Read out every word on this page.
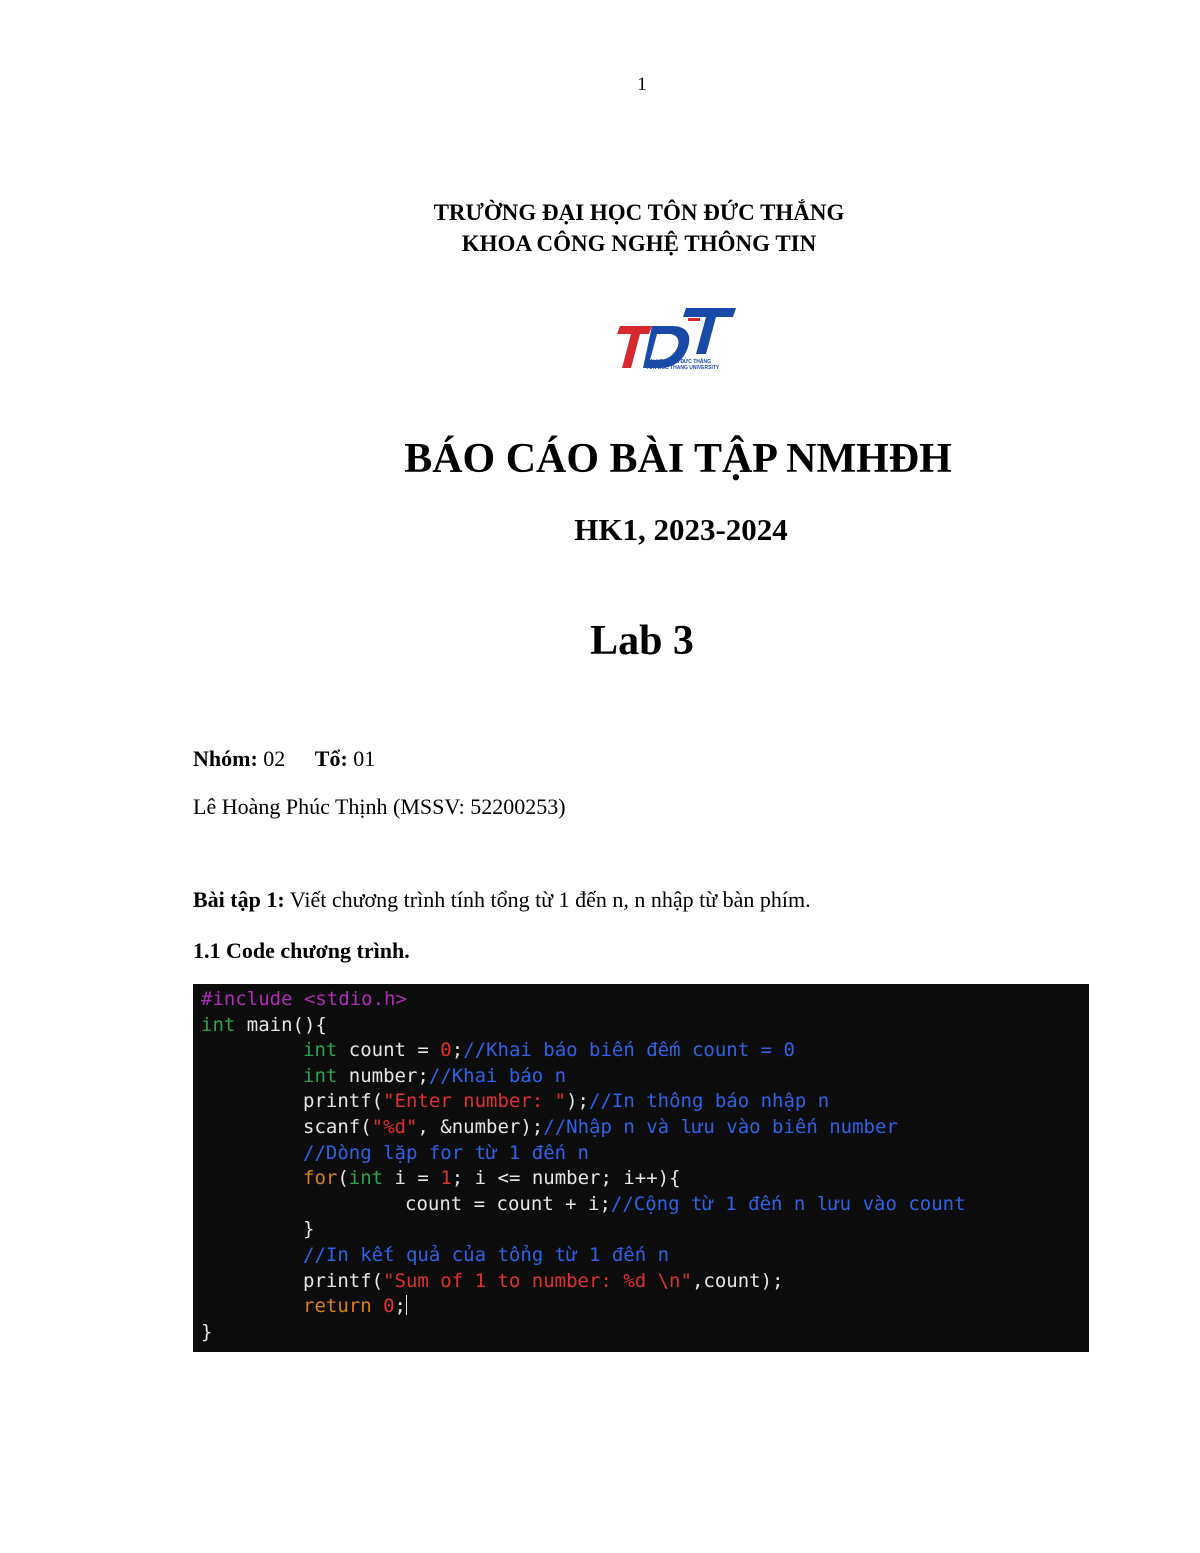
1
TRƯỜNG ĐẠI HỌC TÔN ĐỨC THẮNG
KHOA CÔNG NGHỆ THÔNG TIN
ĐẠI HỌC TÔN ĐỨC THẮNG
TON DUC THANG UNIVERSITY
BÁO CÁO BÀI TẬP NMHĐH
HK1, 2023-2024
Lab 3
Nhóm: 02 Tổ: 01
Lê Hoàng Phúc Thịnh (MSSV: 52200253)
Bài tập 1: Viết chương trình tính tổng từ 1 đến n, n nhập từ bàn phím.
1.1 Code chương trình.
#include <stdio.h>
int main(){
int count = 0;//Khai báo biến đếm count = 0
int number;//Khai báo n
printf("Enter number: ");//In thông báo nhập n
scanf("%d", &number);//Nhập n và lưu vào biến number
//Dòng lặp for từ 1 đến n
for(int i = 1; i <= number; i++){
count = count + i;//Cộng từ 1 đến n lưu vào count
}
//In kết quả của tổng từ 1 đến n
printf("Sum of 1 to number: %d \n",count);
return 0;
}
